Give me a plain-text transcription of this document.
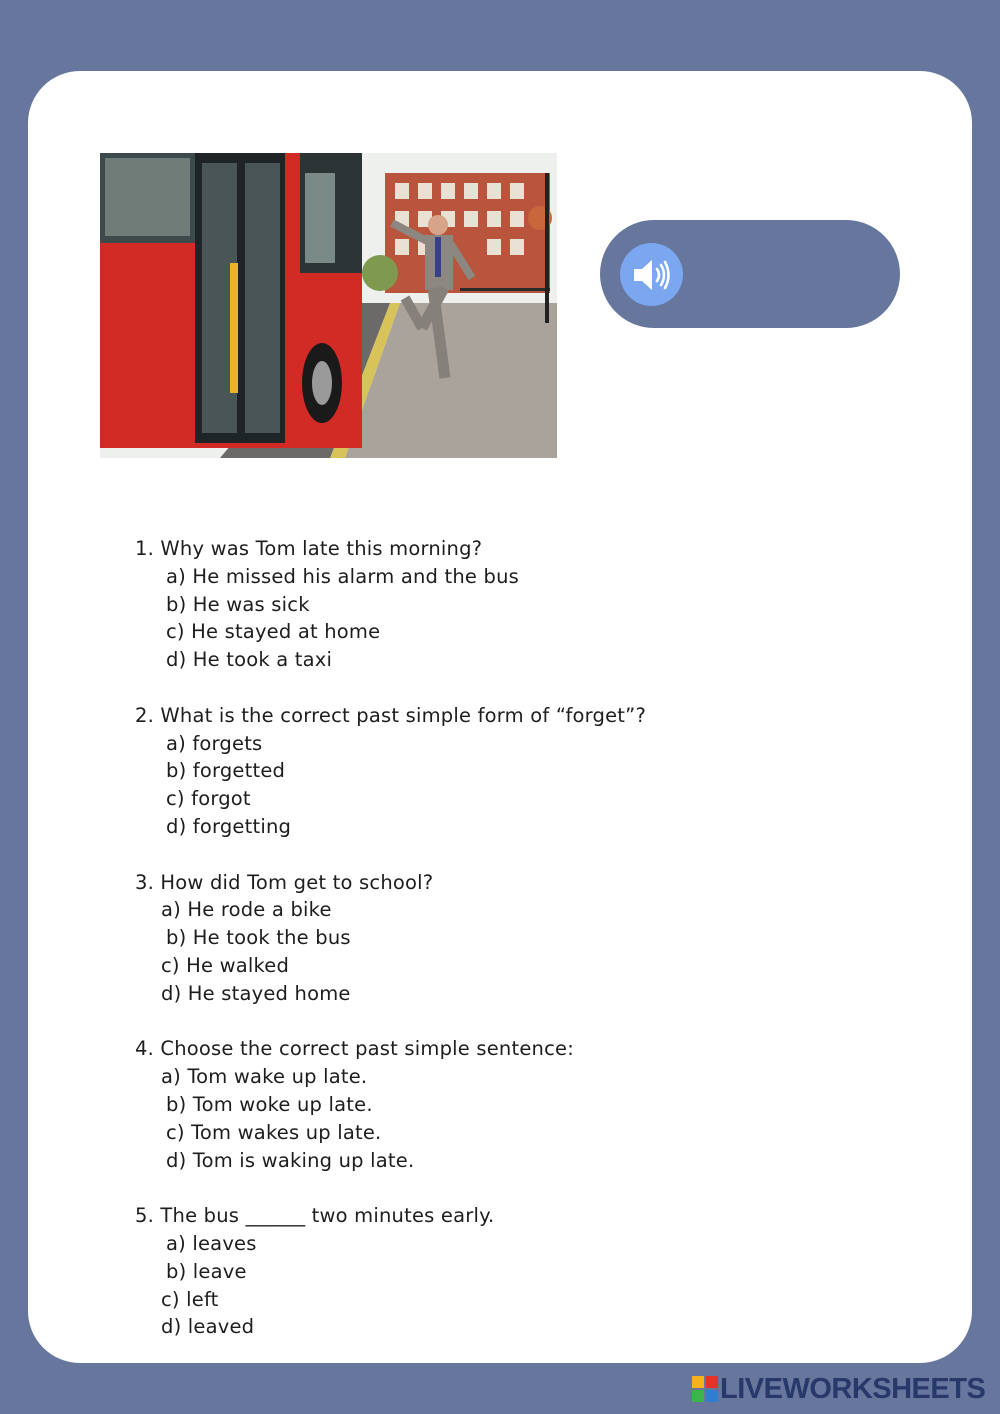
1. Why was Tom late this morning?
a) He missed his alarm and the bus
b) He was sick
c) He stayed at home
d) He took a taxi
2. What is the correct past simple form of “forget”?
a) forgets
b) forgetted
c) forgot
d) forgetting
3. How did Tom get to school?
a) He rode a bike
b) He took the bus
c) He walked
d) He stayed home
4. Choose the correct past simple sentence:
a) Tom wake up late.
b) Tom woke up late.
c) Tom wakes up late.
d) Tom is waking up late.
5. The bus ______ two minutes early.
a) leaves
b) leave
c) left
d) leaved
LIVEWORKSHEETS
